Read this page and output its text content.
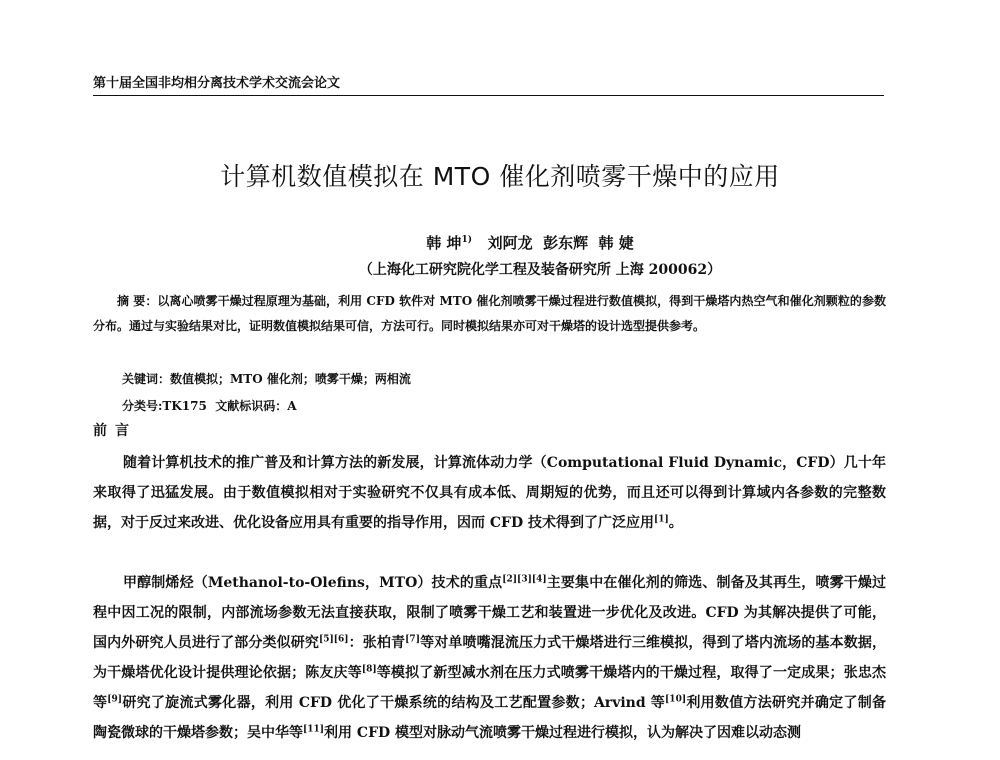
第十届全国非均相分离技术学术交流会论文
计算机数值模拟在 MTO 催化剂喷雾干燥中的应用
韩 坤$^{1)}$ 刘阿龙  彭东辉  韩 婕
（上海化工研究院化学工程及装备研究所 上海 200062）
摘 要：以离心喷雾干燥过程原理为基础，利用 CFD 软件对 MTO 催化剂喷雾干燥过程进行数值模拟，得到干燥塔内热空气和催化剂颗粒的参数分布。通过与实验结果对比，证明数值模拟结果可信，方法可行。同时模拟结果亦可对干燥塔的设计选型提供参考。
关键词：数值模拟；MTO 催化剂；喷雾干燥；两相流
分类号:TK175  文献标识码：A
前言
随着计算机技术的推广普及和计算方法的新发展，计算流体动力学（Computational Fluid Dynamic，CFD）几十年来取得了迅猛发展。由于数值模拟相对于实验研究不仅具有成本低、周期短的优势，而且还可以得到计算域内各参数的完整数据，对于反过来改进、优化设备应用具有重要的指导作用，因而 CFD 技术得到了广泛应用[1]。
甲醇制烯烃（Methanol-to-Olefins，MTO）技术的重点[2][3][4]主要集中在催化剂的筛选、制备及其再生，喷雾干燥过程中因工况的限制，内部流场参数无法直接获取，限制了喷雾干燥工艺和装置进一步优化及改进。CFD 为其解决提供了可能，国内外研究人员进行了部分类似研究[5][6]：张柏青[7]等对单喷嘴混流压力式干燥塔进行三维模拟，得到了塔内流场的基本数据，为干燥塔优化设计提供理论依据；陈友庆等[8]等模拟了新型减水剂在压力式喷雾干燥塔内的干燥过程，取得了一定成果；张忠杰等[9]研究了旋流式雾化器，利用 CFD 优化了干燥系统的结构及工艺配置参数；Arvind 等[10]利用数值方法研究并确定了制备陶瓷微球的干燥塔参数；吴中华等[11]利用 CFD 模型对脉动气流喷雾干燥过程进行模拟，认为解决了因难以动态测
